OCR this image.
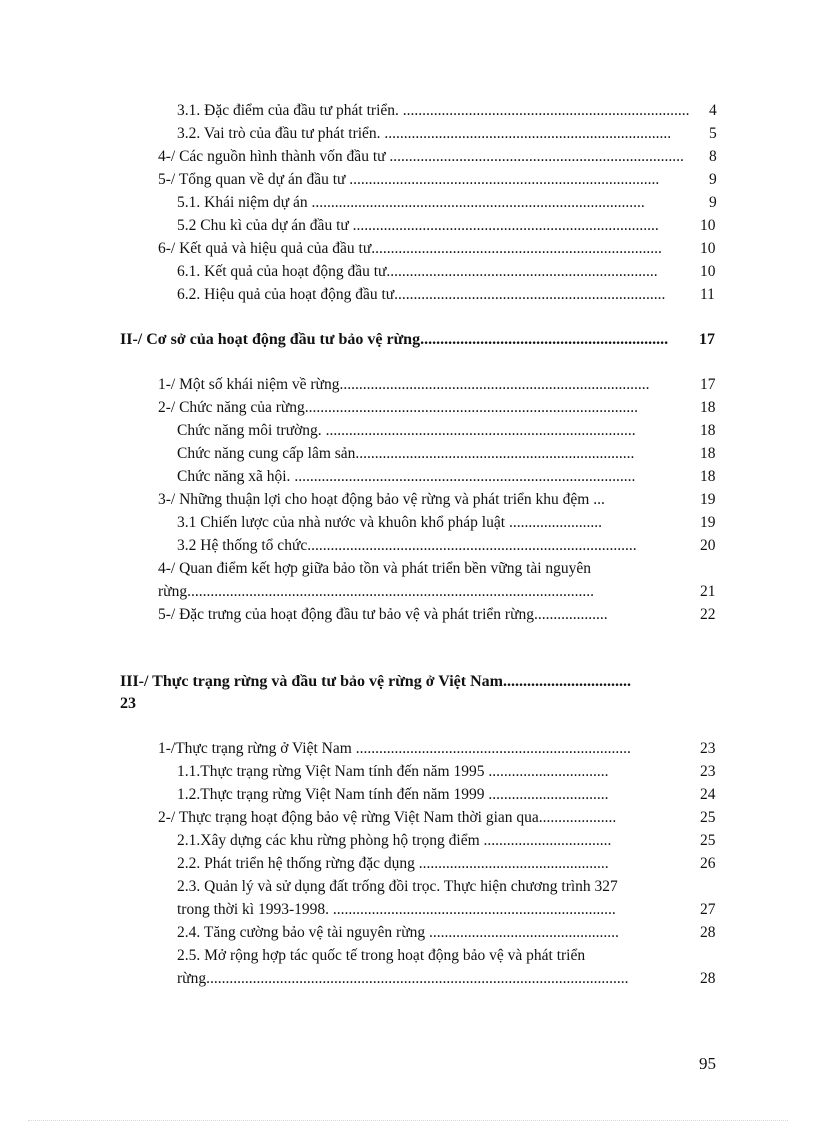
3.1. Đặc điểm của đầu tư phát triển. ..........................................................................	4
3.2. Vai trò của đầu tư phát triển. ..........................................................................	5
4-/ Các nguồn hình thành vốn đầu tư ............................................................................	8
5-/ Tổng quan về dự án đầu tư ................................................................................	9
5.1. Khái niệm dự án ......................................................................................	9
5.2 Chu kì của dự án đầu tư ...............................................................................	10
6-/ Kết quả và hiệu quả của đầu tư...........................................................................	10
6.1. Kết quả của hoạt động đầu tư......................................................................	10
6.2. Hiệu quả của hoạt động đầu tư......................................................................	11
II-/ Cơ sở của hoạt động đầu tư bảo vệ rừng..............................................................	17
1-/ Một số khái niệm về rừng................................................................................	17
2-/ Chức năng của rừng......................................................................................	18
Chức năng môi trường. ................................................................................	18
Chức năng cung cấp lâm sản........................................................................	18
Chức năng xã hội. ........................................................................................	18
3-/ Những thuận lợi cho hoạt động bảo vệ rừng và phát triển khu đệm ...	19
3.1 Chiến lược của nhà nước và khuôn khổ pháp luật ........................	19
3.2 Hệ thống tổ chức.....................................................................................	20
4-/ Quan điểm kết hợp giữa bảo tồn và phát triển bền vững tài nguyên
rừng.........................................................................................................	21
5-/ Đặc trưng của hoạt động đầu tư bảo vệ và phát triển rừng...................	22
III-/ Thực trạng rừng và đầu tư bảo vệ rừng ở Việt Nam................................
23
1-/Thực trạng rừng ở Việt Nam .......................................................................	23
1.1.Thực trạng rừng Việt Nam tính đến năm 1995 ...............................	23
1.2.Thực trạng rừng Việt Nam tính đến năm 1999 ...............................	24
2-/ Thực trạng hoạt động bảo vệ rừng Việt Nam thời gian qua....................	25
2.1.Xây dựng các khu rừng phòng hộ trọng điểm .................................	25
2.2. Phát triển hệ thống rừng đặc dụng .................................................	26
2.3. Quản lý và sử dụng đất trống đồi trọc. Thực hiện chương trình 327
trong thời kì 1993-1998. .........................................................................	27
2.4. Tăng cường bảo vệ tài nguyên rừng .................................................	28
2.5. Mở rộng hợp tác quốc tế trong hoạt động bảo vệ và phát triển
rừng.............................................................................................................	28
95
